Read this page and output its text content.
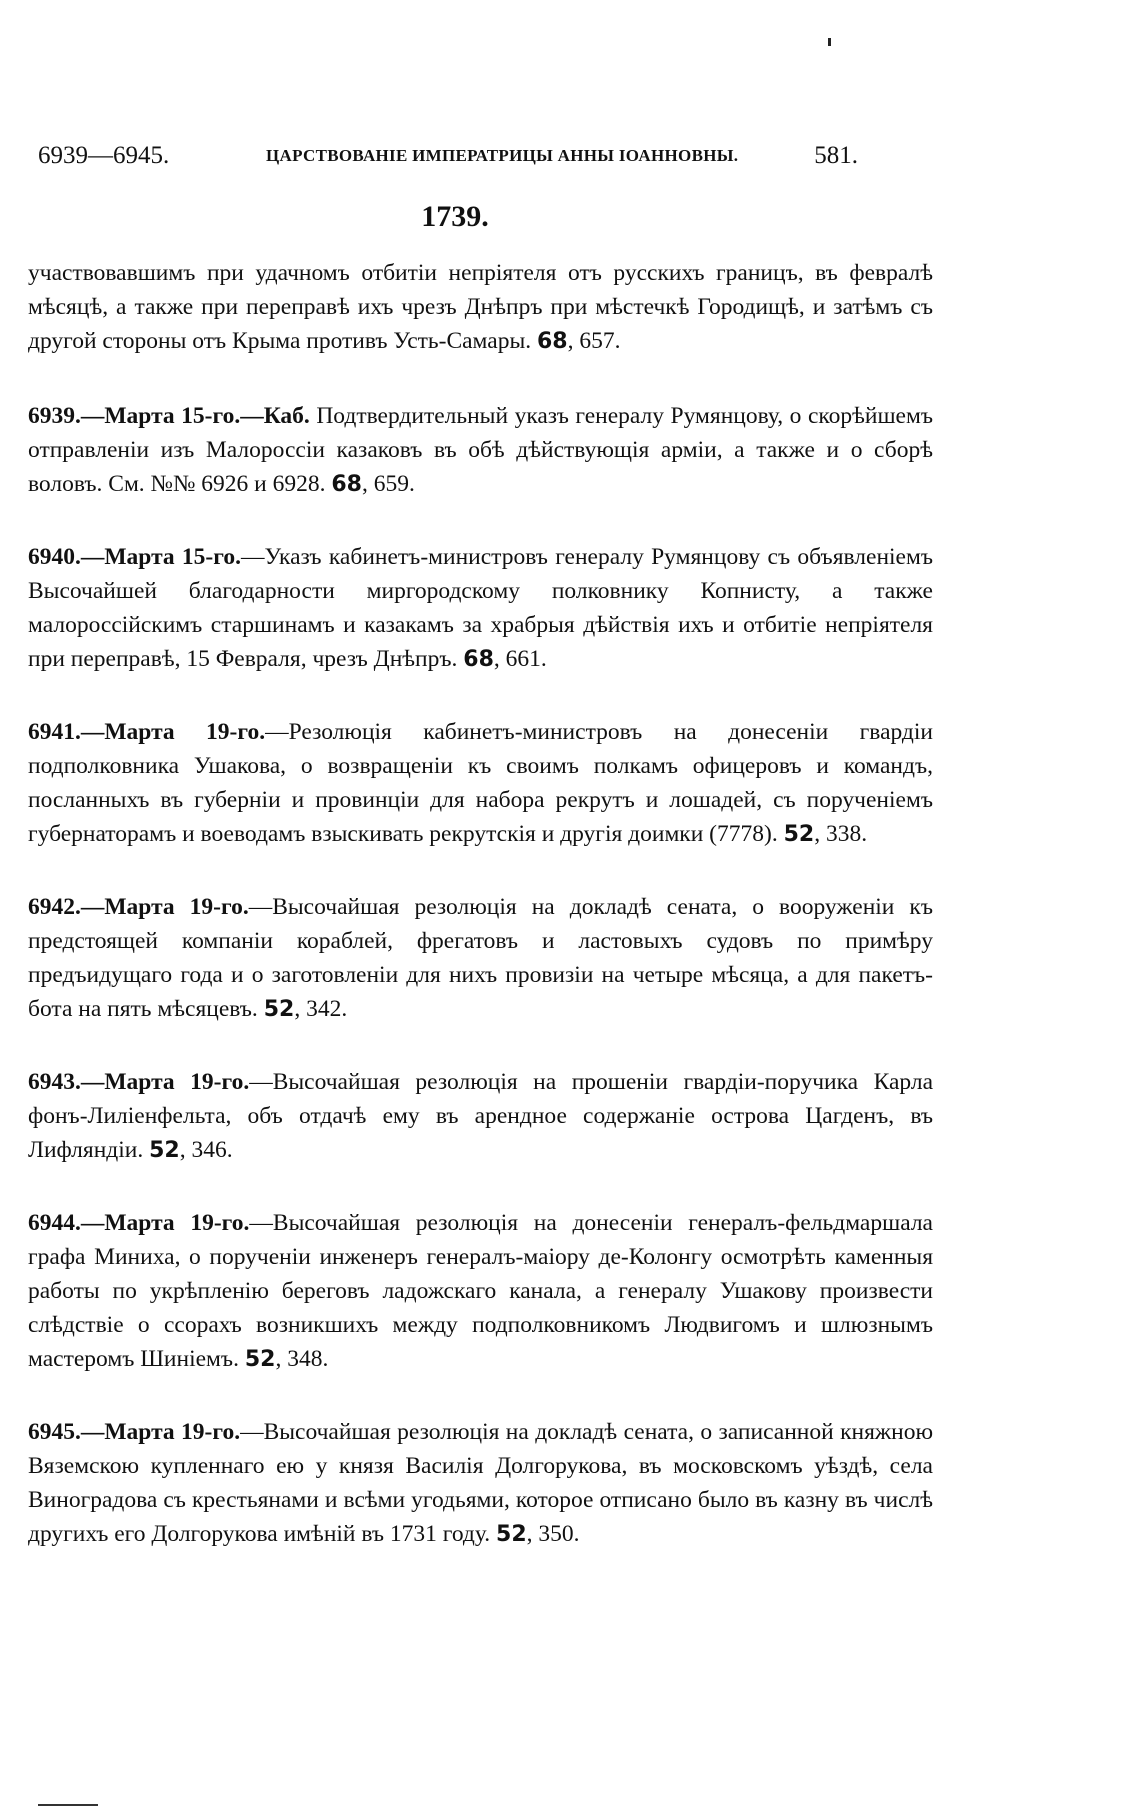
6939—6945.	ЦАРСТВОВАНІЕ ИМПЕРАТРИЦЫ АННЫ ІОАННОВНЫ.	581.
1739.

участвовавшимъ при удачномъ отбитіи непріятеля отъ русскихъ границъ, въ февралѣ мѣсяцѣ, а также при переправѣ ихъ чрезъ Днѣпръ при мѣстечкѣ Городищѣ, и затѣмъ съ другой стороны отъ Крыма противъ Усть-Самары. 68, 657.

6939.—Марта 15-го.—Каб. Подтвердительный указъ генералу Румянцову, о скорѣйшемъ отправленіи изъ Малороссіи казаковъ въ обѣ дѣйствующія арміи, а также и о сборѣ воловъ. См. №№ 6926 и 6928. 68, 659.

6940.—Марта 15-го.—Указъ кабинетъ-министровъ генералу Румянцову съ объявленіемъ Высочайшей благодарности миргородскому полковнику Копнисту, а также малороссійскимъ старшинамъ и казакамъ за храбрыя дѣйствія ихъ и отбитіе непріятеля при переправѣ, 15 Февраля, чрезъ Днѣпръ. 68, 661.

6941.—Марта 19-го.—Резолюція кабинетъ-министровъ на донесеніи гвардіи подполковника Ушакова, о возвращеніи къ своимъ полкамъ офицеровъ и командъ, посланныхъ въ губерніи и провинціи для набора рекрутъ и лошадей, съ порученіемъ губернаторамъ и воеводамъ взыскивать рекрутскія и другія доимки (7778). 52, 338.

6942.—Марта 19-го.—Высочайшая резолюція на докладѣ сената, о вооруженіи къ предстоящей компаніи кораблей, фрегатовъ и ластовыхъ судовъ по примѣру предъидущаго года и о заготовленіи для нихъ провизіи на четыре мѣсяца, а для пакетъ-бота на пять мѣсяцевъ. 52, 342.

6943.—Марта 19-го.—Высочайшая резолюція на прошеніи гвардіи-поручика Карла фонъ-Лиліенфельта, объ отдачѣ ему въ арендное содержаніе острова Цагденъ, въ Лифляндіи. 52, 346.

6944.—Марта 19-го.—Высочайшая резолюція на донесеніи генералъ-фельдмаршала графа Миниха, о порученіи инженеръ генералъ-маіору де-Колонгу осмотрѣть каменныя работы по укрѣпленію береговъ ладожскаго канала, а генералу Ушакову произвести слѣдствіе о ссорахъ возникшихъ между подполковникомъ Людвигомъ и шлюзнымъ мастеромъ Шиніемъ. 52, 348.

6945.—Марта 19-го.—Высочайшая резолюція на докладѣ сената, о записанной княжною Вяземскою купленнаго ею у князя Василія Долгорукова, въ московскомъ уѣздѣ, села Виноградова съ крестьянами и всѣми угодьями, которое отписано было въ казну въ числѣ другихъ его Долгорукова имѣній въ 1731 году. 52, 350.
